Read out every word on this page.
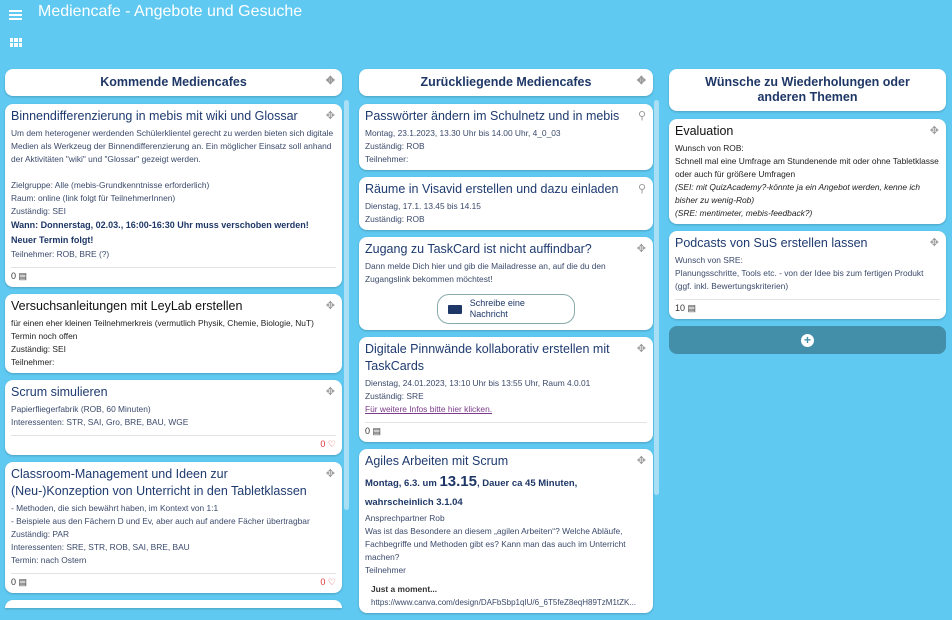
Mediencafe - Angebote und Gesuche
Kommende Mediencafes	✥
Binnendifferenzierung in mebis mit wiki und Glossar	✥
Um dem heterogener werdenden Schülerklientel gerecht zu werden bieten sich digitale Medien als Werkzeug der Binnendifferenzierung an. Ein möglicher Einsatz soll anhand der Aktivitäten "wiki" und "Glossar" gezeigt werden.
Zielgruppe: Alle (mebis-Grundkenntnisse erforderlich)
Raum: online (link folgt für TeilnehmerInnen)
Zuständig: SEI
Wann: Donnerstag, 02.03., 16:00-16:30 Uhr muss verschoben werden! Neuer Termin folgt!
Teilnehmer: ROB, BRE (?)
0 ▤
Versuchsanleitungen mit LeyLab erstellen	✥
für einen eher kleinen Teilnehmerkreis (vermutlich Physik, Chemie, Biologie, NuT)
Termin noch offen
Zuständig: SEI
Teilnehmer:
Scrum simulieren	✥
Papierfliegerfabrik (ROB, 60 Minuten)
Interessenten: STR, SAI, Gro, BRE, BAU, WGE
0 ♡
Classroom-Management und Ideen zur (Neu-)Konzeption von Unterricht in den Tabletklassen
✥
- Methoden, die sich bewährt haben, im Kontext von 1:1
- Beispiele aus den Fächern D und Ev, aber auch auf andere Fächer übertragbar
Zuständig: PAR
Interessenten: SRE, STR, ROB, SAI, BRE, BAU
Termin: nach Ostern
0 ▤	0 ♡
Zurückliegende Mediencafes	✥
Passwörter ändern im Schulnetz und in mebis	⚲
Montag, 23.1.2023, 13.30 Uhr bis 14.00 Uhr, 4_0_03
Zuständig: ROB
Teilnehmer:
Räume in Visavid erstellen und dazu einladen	⚲
Dienstag, 17.1. 13.45 bis 14.15
Zuständig: ROB
Zugang zu TaskCard ist nicht auffindbar?	✥
Dann melde Dich hier und gib die Mailadresse an, auf die du den Zugangslink bekommen möchtest!
Schreibe eine Nachricht
Digitale Pinnwände kollaborativ erstellen mit TaskCards
✥
Dienstag, 24.01.2023, 13:10 Uhr bis 13:55 Uhr, Raum 4.0.01
Zuständig: SRE
Für weitere Infos bitte hier klicken.
0 ▤
Agiles Arbeiten mit Scrum	✥
Montag, 6.3. um 13.15, Dauer ca 45 Minuten, wahrscheinlich 3.1.04
Ansprechpartner Rob
Was ist das Besondere an diesem „agilen Arbeiten“? Welche Abläufe, Fachbegriffe und Methoden gibt es? Kann man das auch im Unterricht machen?
Teilnehmer
Just a moment...
https://www.canva.com/design/DAFbSbp1qIU/6_6T5feZ8eqH89TzM1tZK...
Wünsche zu Wiederholungen oder anderen Themen
Evaluation	✥
Wunsch von ROB:
Schnell mal eine Umfrage am Stundenende mit oder ohne Tabletklasse oder auch für größere Umfragen
(SEI: mit QuizAcademy?-könnte ja ein Angebot werden, kenne ich bisher zu wenig-Rob)
(SRE: mentimeter, mebis-feedback?)
Podcasts von SuS erstellen lassen	✥
Wunsch von SRE:
Planungsschritte, Tools etc. - von der Idee bis zum fertigen Produkt (ggf. inkl. Bewertungskriterien)
10 ▤
+
